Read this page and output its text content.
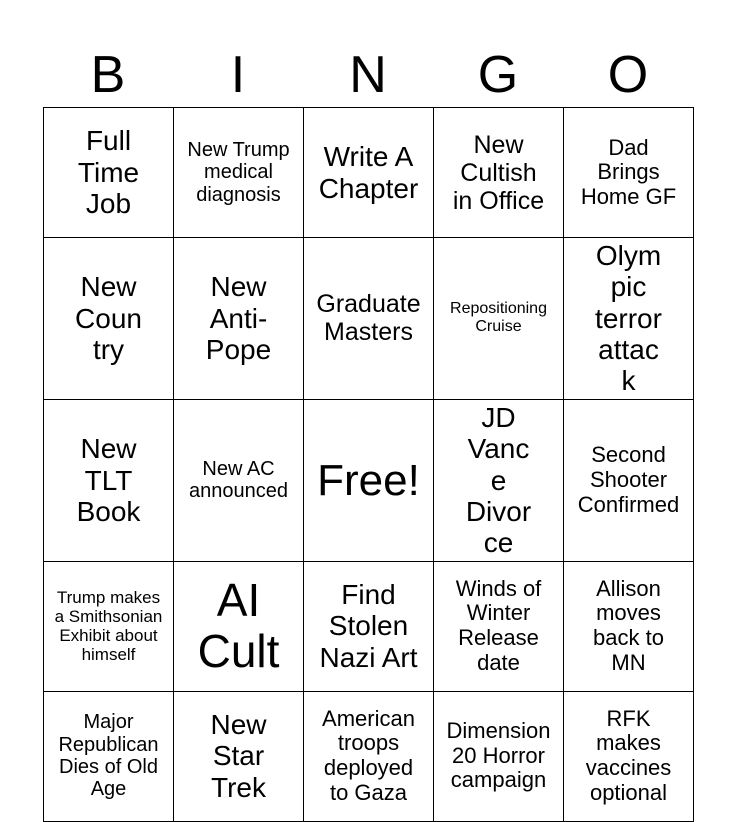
B	I	N	G	O
Full Time Job	New Trump medical diagnosis	Write A Chapter	New Cultish in Office	Dad Brings Home GF
New Country	New Anti-Pope	Graduate Masters	Repositioning Cruise	Olympic terror attack
New TLT Book	New AC announced	Free!	JD Vance Divorce	Second Shooter Confirmed
Trump makes a Smithsonian Exhibit about himself	AI Cult	Find Stolen Nazi Art	Winds of Winter Release date	Allison moves back to MN
Major Republican Dies of Old Age	New Star Trek	American troops deployed to Gaza	Dimension 20 Horror campaign	RFK makes vaccines optional
